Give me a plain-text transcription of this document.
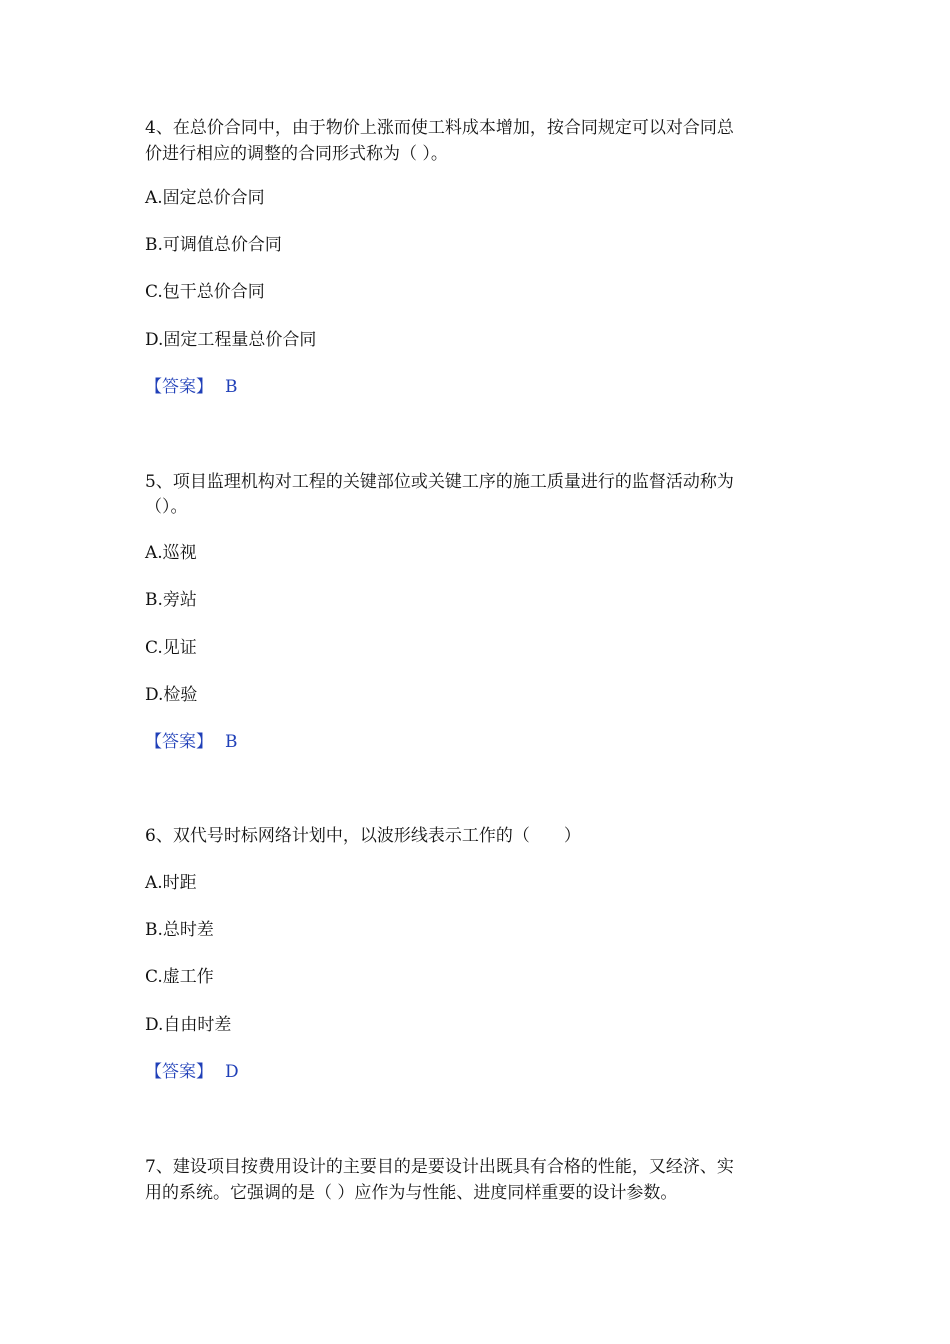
4、在总价合同中，由于物价上涨而使工料成本增加，按合同规定可以对合同总
价进行相应的调整的合同形式称为（ ）。
A.固定总价合同
B.可调值总价合同
C.包干总价合同
D.固定工程量总价合同
【答案】 B
5、项目监理机构对工程的关键部位或关键工序的施工质量进行的监督活动称为
（）。
A.巡视
B.旁站
C.见证
D.检验
【答案】 B
6、双代号时标网络计划中，以波形线表示工作的（　　）
A.时距
B.总时差
C.虚工作
D.自由时差
【答案】 D
7、建设项目按费用设计的主要目的是要设计出既具有合格的性能，又经济、实
用的系统。它强调的是（ ）应作为与性能、进度同样重要的设计参数。
